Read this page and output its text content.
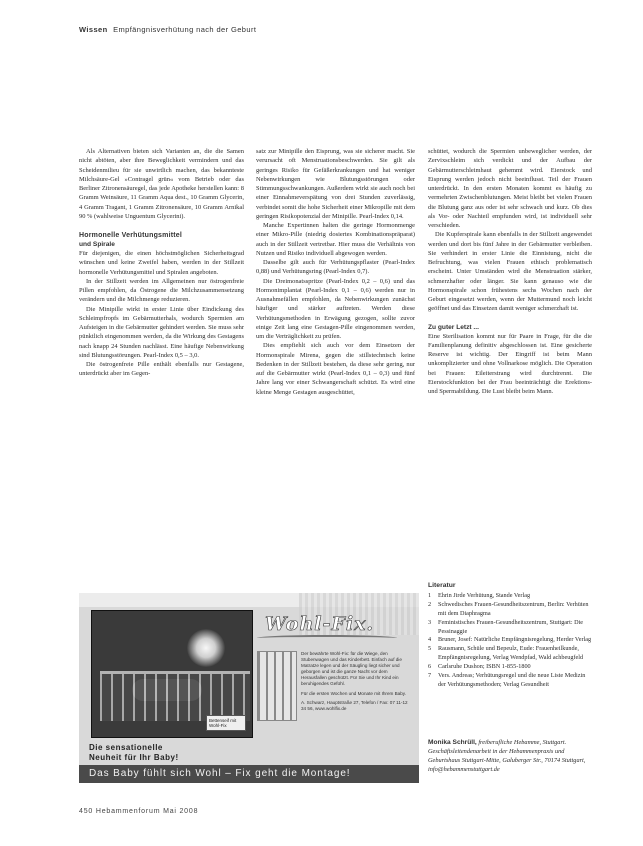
Wissen Empfängnisverhütung nach der Geburt

Als Alternativen bieten sich Varianten an, die die Samen nicht abtöten, aber ihre Beweglichkeit vermindern und das Scheidenmilieu für sie unwirtlich machen, das bekannteste Milchsäure-Gel »Contragel grün« vom Betrieb oder das Berliner Zitronensäuregel, das jede Apotheke herstellen kann: 8 Gramm Weinsäure, 11 Gramm Aqua dest., 10 Gramm Glycerin, 4 Gramm Tragant, 1 Gramm Zitronensäure, 10 Gramm Arnikal 90 % (wahlweise Unguentum Glycerini).

Hormonelle Verhütungsmittel
und Spirale

Für diejenigen, die einen höchstmöglichen Sicherheitsgrad wünschen und keine Zweifel haben, werden in der Stillzeit hormonelle Verhütungsmittel und Spiralen angeboten.

In der Stillzeit werden im Allgemeinen nur östrogenfreie Pillen empfohlen, da Östrogene die Milchzusammensetzung verändern und die Milchmenge reduzieren.

Die Minipille wirkt in erster Linie über Eindickung des Schleimpfropfs im Gebärmutterhals, wodurch Spermien am Aufsteigen in die Gebärmutter gehindert werden. Sie muss sehr pünktlich eingenommen werden, da die Wirkung des Gestagens nach knapp 24 Stunden nachlässt. Eine häufige Nebenwirkung sind Blutungsstörungen. Pearl-Index 0,5 – 3,0.

Die östrogenfreie Pille enthält ebenfalls nur Gestagene, unterdrückt aber im Gegen-

satz zur Minipille den Eisprung, was sie sicherer macht. Sie verursacht oft Menstruationsbeschwerden. Sie gilt als geringes Risiko für Gefäßerkrankungen und hat weniger Nebenwirkungen wie Blutungsstörungen oder Stimmungsschwankungen. Außerdem wirkt sie auch noch bei einer Einnahmeverspätung von drei Stunden zuverlässig, verbindet somit die hohe Sicherheit einer Mikropille mit dem geringen Risikopotenzial der Minipille. Pearl-Index 0,14.

Manche Expertinnen halten die geringe Hormonmenge einer Mikro-Pille (niedrig dosiertes Kombinationspräparat) auch in der Stillzeit vertretbar. Hier muss die Verhältnis von Nutzen und Risiko individuell abgewogen werden.

Dasselbe gilt auch für Verhütungspflaster (Pearl-Index 0,88) und Verhütungsring (Pearl-Index 0,7).

Die Dreimonatsspritze (Pearl-Index 0,2 – 0,6) und das Hormonimplantat (Pearl-Index 0,1 – 0,6) werden nur in Ausnahmefällen empfohlen, da Nebenwirkungen zunächst häufiger und stärker auftreten. Werden diese Verhütungsmethoden in Erwägung gezogen, sollte zuvor einige Zeit lang eine Gestagen-Pille eingenommen werden, um die Verträglichkeit zu prüfen.

Dies empfiehlt sich auch vor dem Einsetzen der Hormonspirale Mirena, gegen die stillstechnisch keine Bedenken in der Stillzeit bestehen, da diese sehr gering, nur auf die Gebärmutter wirkt (Pearl-Index 0,1 – 0,3) und fünf Jahre lang vor einer Schwangerschaft schützt. Es wird eine kleine Menge Gestagen ausgeschüttet,

schüttet, wodurch die Spermien unbeweglicher werden, der Zervixschleim sich verdickt und der Aufbau der Gebärmutterschleimhaut gehemmt wird. Eierstock und Eisprung werden jedoch nicht beeinflusst. Teil der Frauen unterdrückt. In den ersten Monaten kommt es häufig zu vermehrten Zwischenblutungen. Meist bleibt bei vielen Frauen die Blutung ganz aus oder ist sehr schwach und kurz. Ob dies als Vor- oder Nachteil empfunden wird, ist individuell sehr verschieden.

Die Kupferspirale kann ebenfalls in der Stillzeit angewendet werden und dort bis fünf Jahre in der Gebärmutter verbleiben. Sie verhindert in erster Linie die Einnistung, nicht die Befruchtung, was vielen Frauen ethisch problematisch erscheint. Unter Umständen wird die Menstruation stärker, schmerzhafter oder länger. Sie kann genauso wie die Hormonspirale schon frühestens sechs Wochen nach der Geburt eingesetzt werden, wenn der Muttermund noch leicht geöffnet und das Einsetzen damit weniger schmerzhaft ist.

Zu guter Letzt ...

Eine Sterilisation kommt nur für Paare in Frage, für die die Familienplanung definitiv abgeschlossen ist. Eine gesicherte Reserve ist wichtig. Der Eingriff ist beim Mann unkomplizierter und ohne Vollnarkose möglich. Die Operation bei Frauen: Eileiterstrang wird durchtrennt. Die Eierstockfunktion bei der Frau beeinträchtigt die Erektions- und Spermabildung. Die Lust bleibt beim Mann.

Literatur
1 Ehrin Jirde Verhütung, Stande Verlag
2 Schwedisches Frauen-Gesundheitszentrum, Berlin: Verhüten mit dem Diaphragma
3 Feministisches Frauen-Gesundheitszentrum, Stuttgart: Die Pessinaggie
4 Bruner, Josef: Natürliche Empfängnisregelung, Herder Verlag
5 Rausmann, Schüle und Bepeulz, Eude: Frauenheilkunde, Empfängnisregelung, Verlag Wendpfad, Wald achbeugfeld
6 Carlsruhe Dushon; ISBN 1-855-1800
7 Vers. Andreas; Verhütungsregel und die neue Liste Medizin der Verhütungsmethoden; Verlag Gesundheit
Monika Schrüll, freiberufliche Hebamme, Stuttgart. Geschäftsleitendenarbeit in der Hebammenpraxis und Geburtshaus Stuttgart-Mitte, Galuberger Str., 70174 Stuttgart, info@hebammenstuttgart.de
Bettenseif mit Wohl-Fix
Wohl-Fix.

Der bewährte Wohl-Fix: für die Wiege, den Stubenwagen und das Kinderbett. Einfach auf die Matratze legen und der Säugling liegt sicher und geborgen und ist die ganze Nacht vor dem Herausfallen geschützt. Für Sie und Ihr Kind ein beruhigendes Gefühl.

Für die ersten Wochen und Monate mit Ihrem Baby.

A. Schwarz, Hauptstraße 27, Telefon / Fax: 07 11-12 34 56, www.wohlfix.de

Die sensationelle
Neuheit für Ihr Baby!
Das Baby fühlt sich Wohl – Fix geht die Montage!
450 Hebammenforum Mai 2008
